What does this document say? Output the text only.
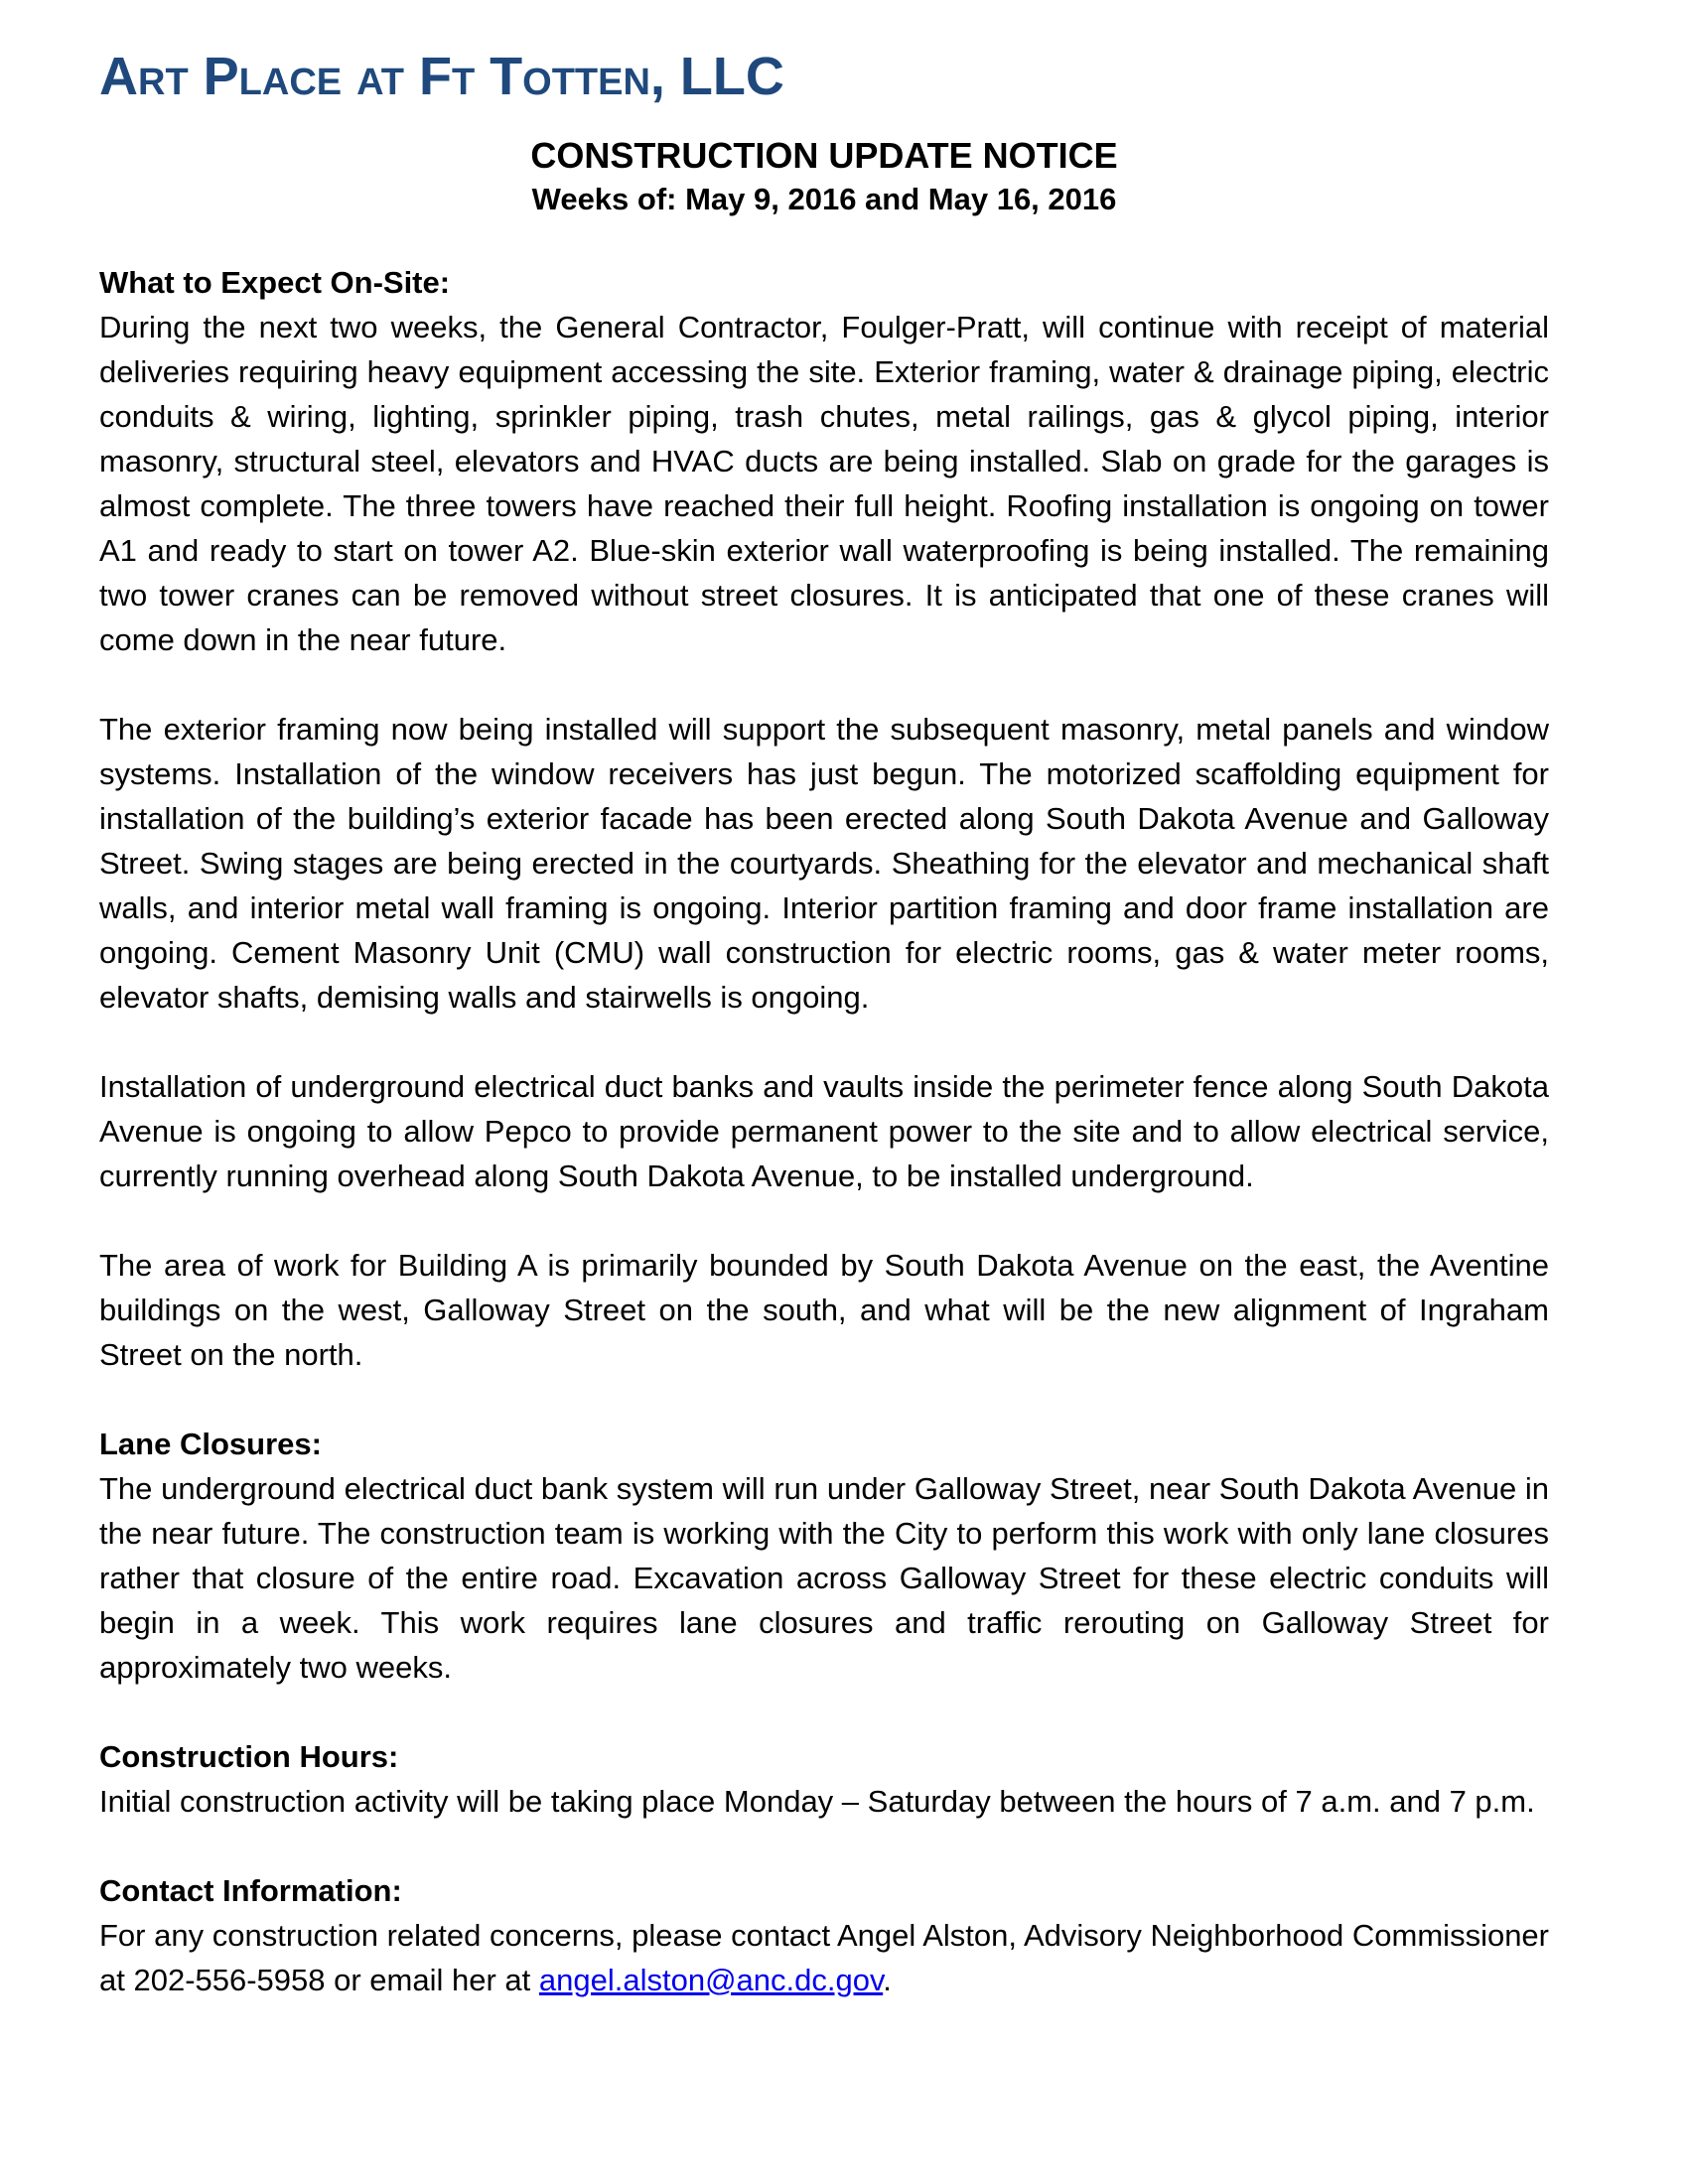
Art Place at Ft Totten, LLC
CONSTRUCTION UPDATE NOTICE
Weeks of: May 9, 2016 and May 16, 2016
What to Expect On-Site:

During the next two weeks, the General Contractor, Foulger-Pratt, will continue with receipt of material deliveries requiring heavy equipment accessing the site. Exterior framing, water & drainage piping, electric conduits & wiring, lighting, sprinkler piping, trash chutes, metal railings, gas & glycol piping, interior masonry, structural steel, elevators and HVAC ducts are being installed. Slab on grade for the garages is almost complete. The three towers have reached their full height. Roofing installation is ongoing on tower A1 and ready to start on tower A2. Blue-skin exterior wall waterproofing is being installed. The remaining two tower cranes can be removed without street closures. It is anticipated that one of these cranes will come down in the near future.

The exterior framing now being installed will support the subsequent masonry, metal panels and window systems. Installation of the window receivers has just begun. The motorized scaffolding equipment for installation of the building’s exterior facade has been erected along South Dakota Avenue and Galloway Street. Swing stages are being erected in the courtyards. Sheathing for the elevator and mechanical shaft walls, and interior metal wall framing is ongoing. Interior partition framing and door frame installation are ongoing. Cement Masonry Unit (CMU) wall construction for electric rooms, gas & water meter rooms, elevator shafts, demising walls and stairwells is ongoing.

Installation of underground electrical duct banks and vaults inside the perimeter fence along South Dakota Avenue is ongoing to allow Pepco to provide permanent power to the site and to allow electrical service, currently running overhead along South Dakota Avenue, to be installed underground.

The area of work for Building A is primarily bounded by South Dakota Avenue on the east, the Aventine buildings on the west, Galloway Street on the south, and what will be the new alignment of Ingraham Street on the north.

Lane Closures:

The underground electrical duct bank system will run under Galloway Street, near South Dakota Avenue in the near future. The construction team is working with the City to perform this work with only lane closures rather that closure of the entire road. Excavation across Galloway Street for these electric conduits will begin in a week. This work requires lane closures and traffic rerouting on Galloway Street for approximately two weeks.

Construction Hours:

Initial construction activity will be taking place Monday – Saturday between the hours of 7 a.m. and 7 p.m.

Contact Information:

For any construction related concerns, please contact Angel Alston, Advisory Neighborhood Commissioner at 202-556-5958 or email her at angel.alston@anc.dc.gov.
